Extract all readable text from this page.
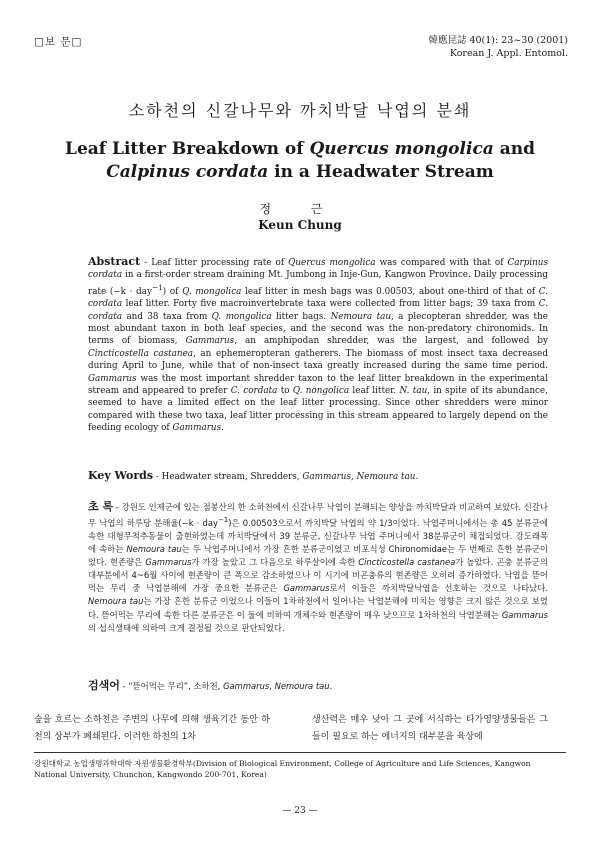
□보 문□	韓應昆誌 40(1): 23~30 (2001)
Korean J. Appl. Entomol.
소하천의 신갈나무와 까치박달 낙엽의 분쇄
Leaf Litter Breakdown of Quercus mongolica and
Calpinus cordata in a Headwater Stream
정 근
Keun Chung
Abstract - Leaf litter processing rate of Quercus mongolica was compared with that of Carpinus cordata in a first-order stream draining Mt. Jumbong in Inje-Gun, Kangwon Province. Daily processing rate (−k · day$^{-1}$) of Q. mongolica leaf litter in mesh bags was 0.00503, about one-third of that of C. cordata leaf litter. Forty five macroinvertebrate taxa were collected from litter bags; 39 taxa from C. cordata and 38 taxa from Q. mongolica litter bags. Nemoura tau, a plecopteran shredder, was the most abundant taxon in both leaf species, and the second was the non-predatory chironomids. In terms of biomass, Gammarus, an amphipodan shredder, was the largest, and followed by Cincticostella castanea, an ephemeropteran gatherers. The biomass of most insect taxa decreased during April to June, while that of non-insect taxa greatly increased during the same time period. Gammarus was the most important shredder taxon to the leaf litter breakdown in the experimental stream and appeared to prefer C. cordata to Q. nongolica leaf litter. N. tau, in spite of its abundance, seemed to have a limited effect on the leaf litter processing. Since other shredders were minor compared with these two taxa, leaf litter processing in this stream appeared to largely depend on the feeding ecology of Gammarus.
Key Words - Headwater stream, Shredders, Gammarus, Nemoura tau.
초 록 - 강원도 인제군에 있는 점봉산의 한 소하천에서 신갈나무 낙엽이 분해되는 양상을 까치박달과 비교하여 보았다. 신갈나무 낙엽의 하루당 분해율(−k · day$^{-1}$)은 0.00503으로서 까치박달 낙엽의 약 1/3이었다. 낙엽주머니에서는 총 45 분류군에 속한 대형무척추동물이 출현하였는데 까치박달에서 39 분류군, 신갈나무 낙엽 주머니에서 38분류군이 채집되었다. 강도래목에 속하는 Nemoura tau는 두 낙엽주머니에서 가장 흔한 분류군이었고 비포식성 Chironomidae는 두 번째로 흔한 분류군이었다. 현존량은 Gammarus가 가장 높았고 그 다음으로 하루살이에 속한 Cincticostella castanea가 높았다. 곤충 분류군의 대부분에서 4~6월 사이에 현존량이 큰 폭으로 감소하였으나 이 시기에 비곤충류의 현존량은 오히려 증가하였다. 낙엽을 뜯어먹는 무리 중 낙엽분해에 가장 중요한 분류군은 Gammarus로서 이들은 까치박달낙엽을 선호하는 것으로 나타났다. Nemoura tau는 가장 흔한 분류군 이었으나 이들이 1차하천에서 일어나는 낙엽분해에 미치는 영향은 크지 않은 것으로 보였다. 뜯어먹는 무리에 속한 다른 분류군은 이 둘에 비하여 개체수와 현존량이 매우 낮으므로 1차하천의 낙엽분해는 Gammarus의 섭식생태에 의하여 크게 결정될 것으로 판단되었다.
검색어 - “뜯어먹는 무리”, 소하천, Gammarus, Nemoura tau.
숲을 흐르는 소하천은 주변의 나무에 의해 생육기간 동안 하천의 상부가 폐쇄된다. 이러한 하천의 1차
생산력은 매우 낮아 그 곳에 서식하는 타가영양생물들은 그들이 필요로 하는 에너지의 대부분을 육상에
강원대학교 농업생명과학대학 자원생물환경학부(Division of Biological Environment, College of Agriculture and Life Sciences, Kangwon National University, Chunchon, Kangwondo 200-701, Korea)
— 23 —
